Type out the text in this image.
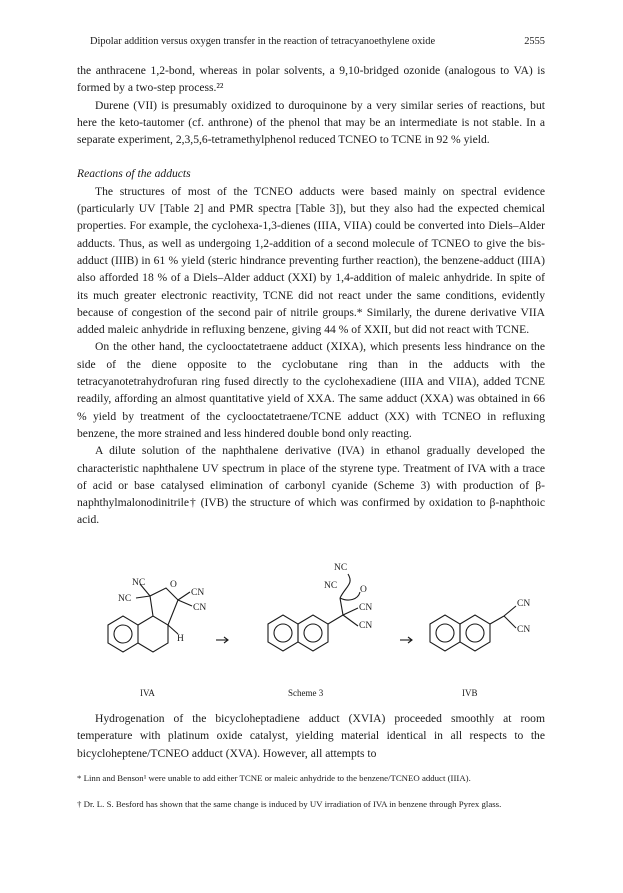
Dipolar addition versus oxygen transfer in the reaction of tetracyanoethylene oxide	2555

the anthracene 1,2-bond, whereas in polar solvents, a 9,10-bridged ozonide (analogous to VA) is formed by a two-step process.²²

Durene (VII) is presumably oxidized to duroquinone by a very similar series of reactions, but here the keto-tautomer (cf. anthrone) of the phenol that may be an intermediate is not stable. In a separate experiment, 2,3,5,6-tetramethylphenol reduced TCNEO to TCNE in 92 % yield.

Reactions of the adducts

The structures of most of the TCNEO adducts were based mainly on spectral evidence (particularly UV [Table 2] and PMR spectra [Table 3]), but they also had the expected chemical properties. For example, the cyclohexa-1,3-dienes (IIIA, VIIA) could be converted into Diels–Alder adducts. Thus, as well as undergoing 1,2-addition of a second molecule of TCNEO to give the bis-adduct (IIIB) in 61 % yield (steric hindrance preventing further reaction), the benzene-adduct (IIIA) also afforded 18 % of a Diels–Alder adduct (XXI) by 1,4-addition of maleic anhydride. In spite of its much greater electronic reactivity, TCNE did not react under the same conditions, evidently because of congestion of the second pair of nitrile groups.* Similarly, the durene derivative VIIA added maleic anhydride in refluxing benzene, giving 44 % of XXII, but did not react with TCNE.

On the other hand, the cyclooctatetraene adduct (XIXA), which presents less hindrance on the side of the diene opposite to the cyclobutane ring than in the adducts with the tetracyanotetrahydrofuran ring fused directly to the cyclohexadiene (IIIA and VIIA), added TCNE readily, affording an almost quantitative yield of XXA. The same adduct (XXA) was obtained in 66 % yield by treatment of the cyclooctatetraene/TCNE adduct (XX) with TCNEO in refluxing benzene, the more strained and less hindered double bond only reacting.

A dilute solution of the naphthalene derivative (IVA) in ethanol gradually developed the characteristic naphthalene UV spectrum in place of the styrene type. Treatment of IVA with a trace of acid or base catalysed elimination of carbonyl cyanide (Scheme 3) with production of β-naphthylmalonodinitrile† (IVB) the structure of which was confirmed by oxidation to β-naphthoic acid.

NC
NC
O
CN
CN
H
NC
NC O
CN
CN
CN
CN
IVA	Scheme 3	IVB

Hydrogenation of the bicycloheptadiene adduct (XVIA) proceeded smoothly at room temperature with platinum oxide catalyst, yielding material identical in all respects to the bicycloheptene/TCNEO adduct (XVA). However, all attempts to

* Linn and Benson¹ were unable to add either TCNE or maleic anhydride to the benzene/TCNEO adduct (IIIA).

† Dr. L. S. Besford has shown that the same change is induced by UV irradiation of IVA in benzene through Pyrex glass.
